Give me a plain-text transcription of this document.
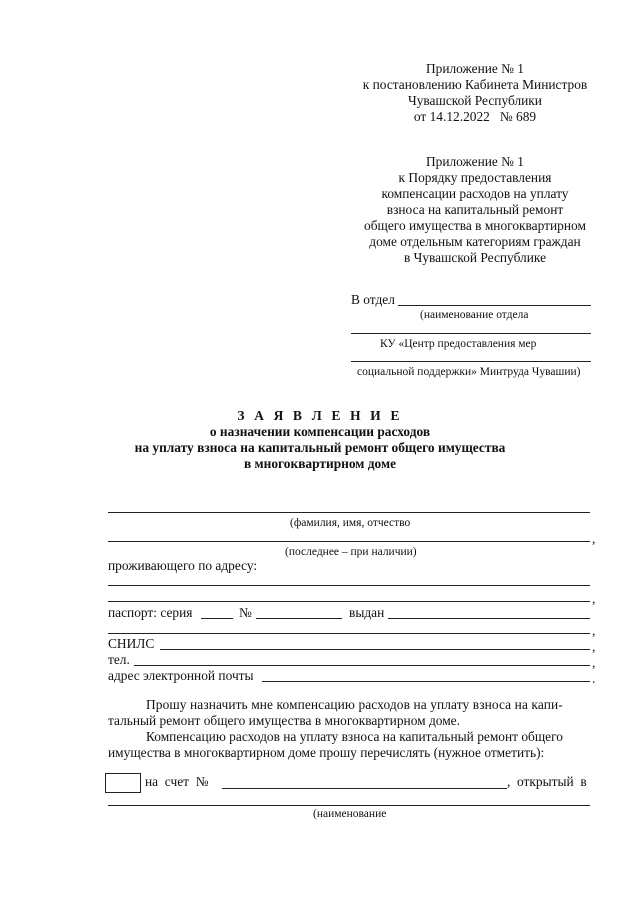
Приложение № 1
к постановлению Кабинета Министров
Чувашской Республики
от 14.12.2022   № 689
Приложение № 1
к Порядку предоставления
компенсации расходов на уплату
взноса на капитальный ремонт
общего имущества в многоквартирном
доме отдельным категориям граждан
в Чувашской Республике
В отдел
(наименование отдела
КУ «Центр предоставления мер
социальной поддержки» Минтруда Чувашии)
З А Я В Л Е Н И Е
о назначении компенсации расходов
на уплату взноса на капитальный ремонт общего имущества
в многоквартирном доме
(фамилия, имя, отчество
,
(последнее – при наличии)
проживающего по адресу:
,
паспорт: серия	№	выдан
,
СНИЛС	,
тел.	,
адрес электронной почты	.
Прошу назначить мне компенсацию расходов на уплату взноса на капи-
тальный ремонт общего имущества в многоквартирном доме.
Компенсацию расходов на уплату взноса на капитальный ремонт общего
имущества в многоквартирном доме прошу перечислять (нужное отметить):
на  счет  №	,  открытый  в
(наименование
